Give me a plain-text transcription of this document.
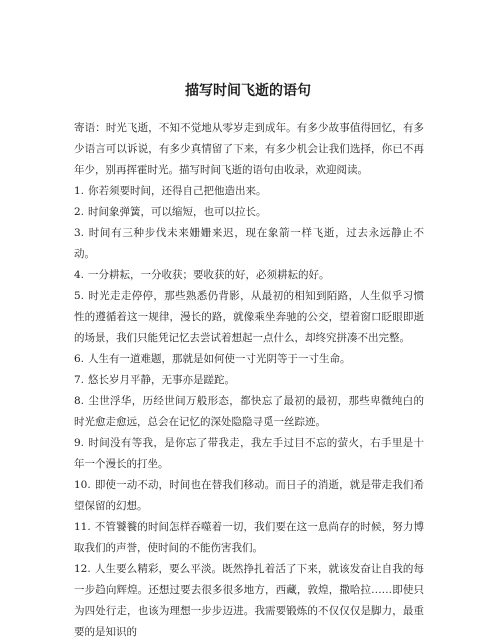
描写时间飞逝的语句

寄语：时光飞逝，不知不觉地从零岁走到成年。有多少故事值得回忆，有多少语言可以诉说，有多少真情留了下来，有多少机会让我们选择，你已不再年少，别再挥霍时光。描写时间飞逝的语句由收录，欢迎阅读。

1. 你若须要时间，还得自己把他造出来。

2. 时间象弹簧，可以缩短，也可以拉长。

3. 时间有三种步伐未来姗姗来迟，现在象箭一样飞逝，过去永远静止不动。

4. 一分耕耘，一分收获；要收获的好，必须耕耘的好。

5. 时光走走停停，那些熟悉仍背影，从最初的相知到陌路，人生似乎习惯性的遵循着这一规律，漫长的路，就像乘坐奔驰的公交，望着窗口眨眼即逝的场景，我们只能凭记忆去尝试着想起一点什么，却终究拼凑不出完整。

6. 人生有一道难题，那就是如何使一寸光阴等于一寸生命。

7. 悠长岁月平静，无事亦是蹉跎。

8. 尘世浮华，历经世间万般形态，都快忘了最初的最初，那些卑微纯白的时光愈走愈远，总会在记忆的深处隐隐寻觅一丝踪迹。

9. 时间没有等我，是你忘了带我走，我左手过目不忘的萤火，右手里是十年一个漫长的打坐。

10. 即使一动不动，时间也在替我们移动。而日子的消逝，就是带走我们希望保留的幻想。

11. 不管饕餮的时间怎样吞噬着一切，我们要在这一息尚存的时候，努力博取我们的声誉，使时间的不能伤害我们。

12. 人生要么精彩，要么平淡。既然挣扎着活了下来，就该发奋让自我的每一步趋向辉煌。还想过要去很多很多地方，西藏，敦煌，撒哈拉……即使只为四处行走，也该为理想一步步迈进。我需要锻炼的不仅仅仅是脚力，最重要的是知识的
